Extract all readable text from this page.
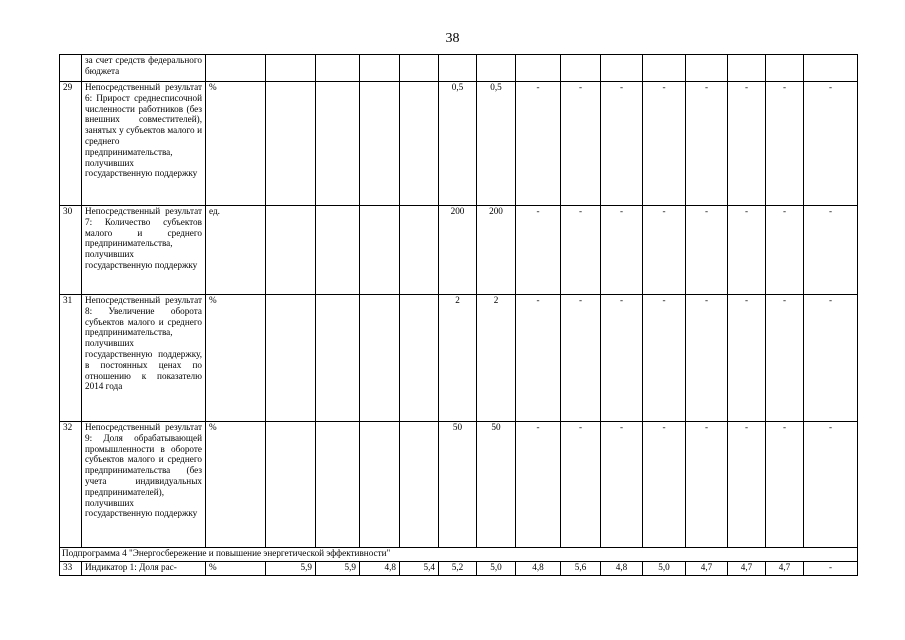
38
	за счет средств федерального бюджета															
29	Непосредственный результат 6: Прирост среднесписочной численности работников (без внешних совместителей), занятых у субъектов малого и среднего предпринимательства, получивших государственную поддержку	%					0,5	0,5	-	-	-	-	-	-	-	-
30	Непосредственный результат 7: Количество субъектов малого и среднего предпринимательства, получивших государственную поддержку	ед.					200	200	-	-	-	-	-	-	-	-
31	Непосредственный результат 8: Увеличение оборота субъектов малого и среднего предпринимательства, получивших государственную поддержку, в постоянных ценах по отношению к показателю 2014 года	%					2	2	-	-	-	-	-	-	-	-
32	Непосредственный результат 9: Доля обрабатывающей промышленности в обороте субъектов малого и среднего предпринимательства (без учета индивидуальных предпринимателей), получивших государственную поддержку	%					50	50	-	-	-	-	-	-	-	-
Подпрограмма 4 "Энергосбережение и повышение энергетической эффективности"																
33	Индикатор 1: Доля рас-	%	5,9	5,9	4,8	5,4	5,2	5,0	4,8	5,6	4,8	5,0	4,7	4,7	4,7	-
